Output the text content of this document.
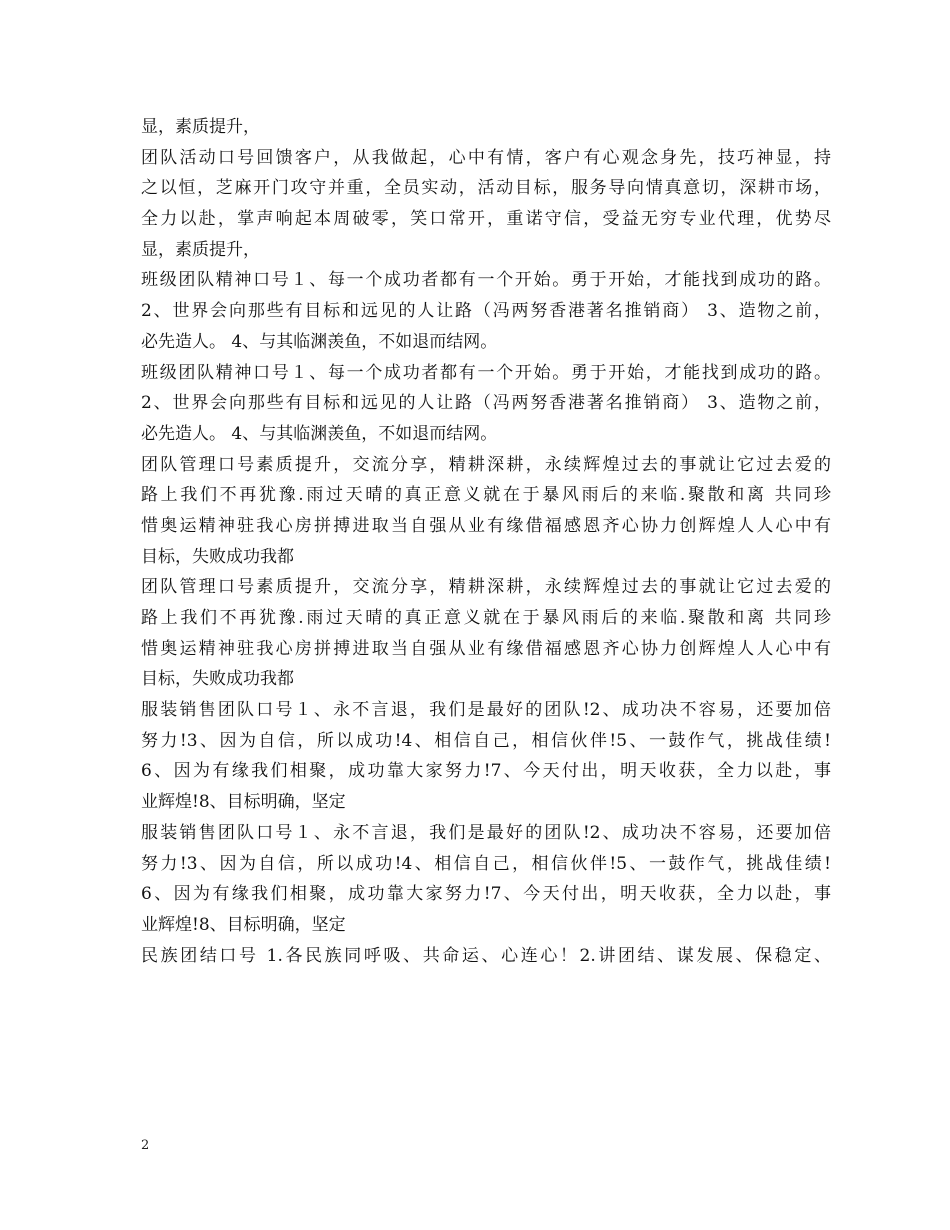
显，素质提升，
团队活动口号回馈客户，从我做起，心中有情，客户有心观念身先，技巧神显，持
之以恒，芝麻开门攻守并重，全员实动，活动目标，服务导向情真意切，深耕市场，
全力以赴，掌声响起本周破零，笑口常开，重诺守信，受益无穷专业代理，优势尽
显，素质提升，
班级团队精神口号１、每一个成功者都有一个开始。勇于开始，才能找到成功的路。
2、世界会向那些有目标和远见的人让路（冯两努香港著名推销商） 3、造物之前，
必先造人。 4、与其临渊羡鱼，不如退而结网。
班级团队精神口号１、每一个成功者都有一个开始。勇于开始，才能找到成功的路。
2、世界会向那些有目标和远见的人让路（冯两努香港著名推销商） 3、造物之前，
必先造人。 4、与其临渊羡鱼，不如退而结网。
团队管理口号素质提升，交流分享，精耕深耕，永续辉煌过去的事就让它过去爱的
路上我们不再犹豫.雨过天晴的真正意义就在于暴风雨后的来临.聚散和离 共同珍
惜奥运精神驻我心房拼搏进取当自强从业有缘借福感恩齐心协力创辉煌人人心中有
目标，失败成功我都
团队管理口号素质提升，交流分享，精耕深耕，永续辉煌过去的事就让它过去爱的
路上我们不再犹豫.雨过天晴的真正意义就在于暴风雨后的来临.聚散和离 共同珍
惜奥运精神驻我心房拼搏进取当自强从业有缘借福感恩齐心协力创辉煌人人心中有
目标，失败成功我都
服装销售团队口号１、永不言退，我们是最好的团队!2、成功决不容易，还要加倍
努力!3、因为自信，所以成功!4、相信自己，相信伙伴!5、一鼓作气，挑战佳绩!
6、因为有缘我们相聚，成功靠大家努力!7、今天付出，明天收获，全力以赴，事
业辉煌!8、目标明确，坚定
服装销售团队口号１、永不言退，我们是最好的团队!2、成功决不容易，还要加倍
努力!3、因为自信，所以成功!4、相信自己，相信伙伴!5、一鼓作气，挑战佳绩!
6、因为有缘我们相聚，成功靠大家努力!7、今天付出，明天收获，全力以赴，事
业辉煌!8、目标明确，坚定
民族团结口号 1.各民族同呼吸、共命运、心连心！2.讲团结、谋发展、保稳定、
2
